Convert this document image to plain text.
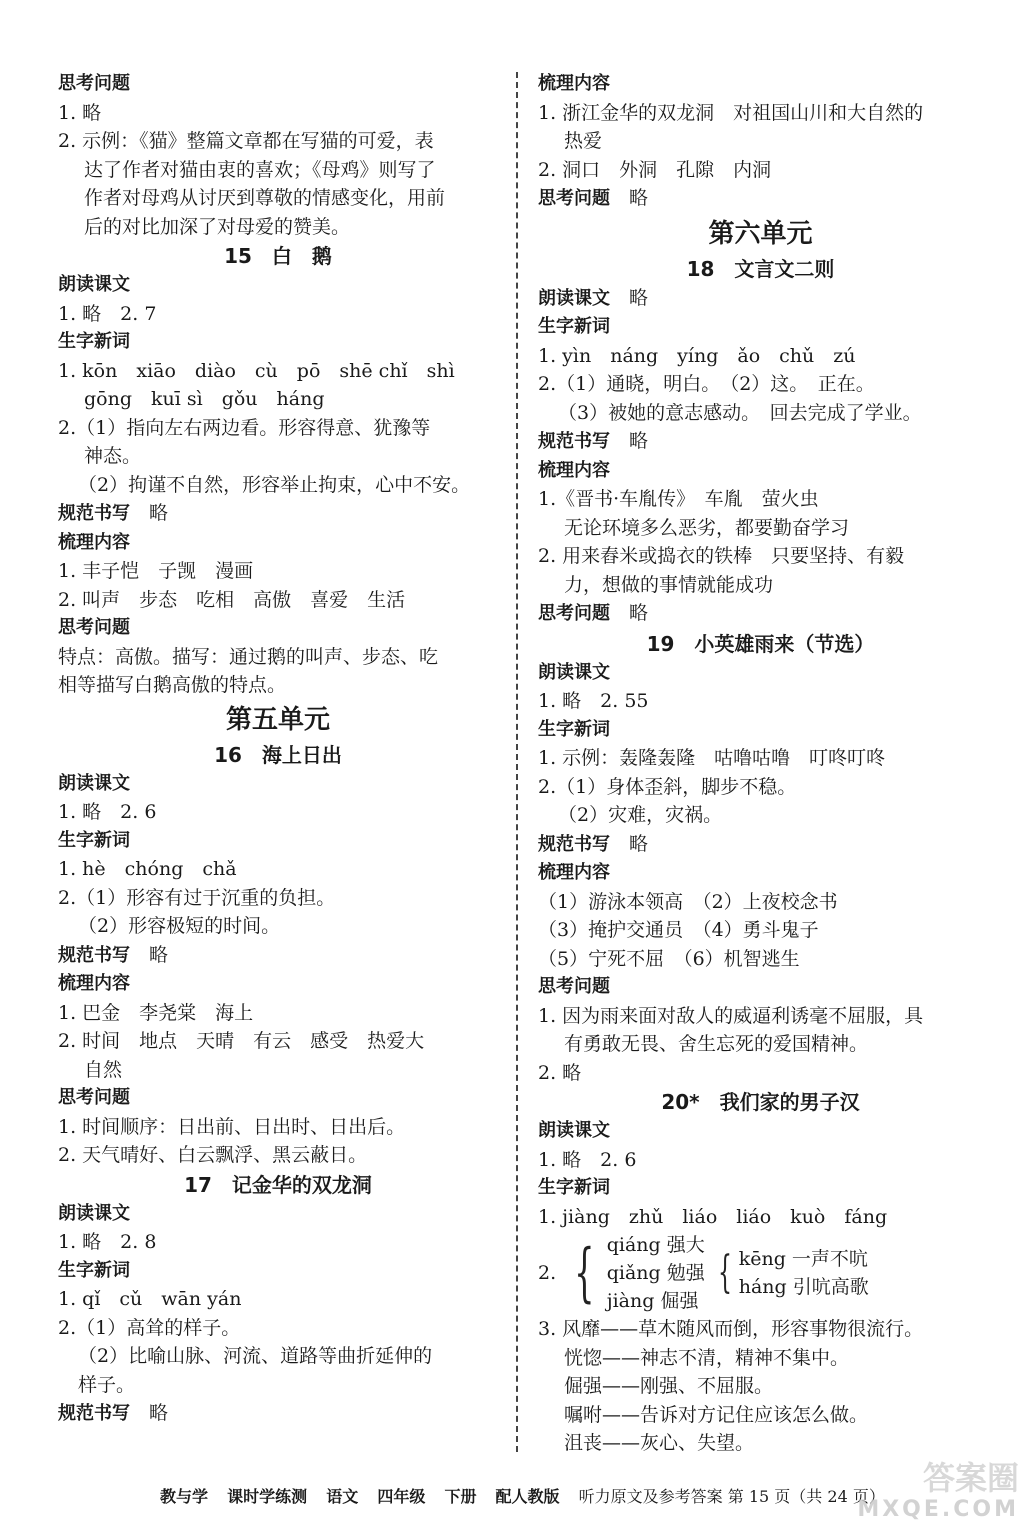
思考问题
1. 略
2. 示例：《猫》整篇文章都在写猫的可爱，表
达了作者对猫由衷的喜欢；《母鸡》则写了
作者对母鸡从讨厌到尊敬的情感变化，用前
后的对比加深了对母爱的赞美。
15　白　鹅
朗读课文
1. 略　2. 7
生字新词
1. kōn　xiāo　diào　cù　pō　shē chǐ　shì
gōng　kuī sì　gǒu　háng
2.（1）指向左右两边看。形容得意、犹豫等
神态。
（2）拘谨不自然，形容举止拘束，心中不安。
规范书写　 略
梳理内容
1. 丰子恺　子觊　漫画
2. 叫声　步态　吃相　高傲　喜爱　生活
思考问题
特点：高傲。描写：通过鹅的叫声、步态、吃
相等描写白鹅高傲的特点。
第五单元
16　海上日出
朗读课文
1. 略　2. 6
生字新词
1. hè　chóng　chǎ
2.（1）形容有过于沉重的负担。
（2）形容极短的时间。
规范书写　 略
梳理内容
1. 巴金　李尧棠　海上
2. 时间　地点　天晴　有云　感受　热爱大
自然
思考问题
1. 时间顺序：日出前、日出时、日出后。
2. 天气晴好、白云飘浮、黑云蔽日。
17　记金华的双龙洞
朗读课文
1. 略　2. 8
生字新词
1. qǐ　cǔ　wān yán
2.（1）高耸的样子。
（2）比喻山脉、河流、道路等曲折延伸的
样子。
规范书写　 略
梳理内容
1. 浙江金华的双龙洞　对祖国山川和大自然的
热爱
2. 洞口　外洞　孔隙　内洞
思考问题　 略
第六单元
18　文言文二则
朗读课文　 略
生字新词
1. yìn　náng　yíng　ǎo　chǔ　zú
2.（1）通晓，明白。　（2）这。　正在。
（3）被她的意志感动。　回去完成了学业。
规范书写　 略
梳理内容
1.《晋书·车胤传》　车胤　萤火虫
无论环境多么恶劣，都要勤奋学习
2. 用来舂米或捣衣的铁棒　只要坚持、有毅
力，想做的事情就能成功
思考问题　 略
19　小英雄雨来（节选）
朗读课文
1. 略　2. 55
生字新词
1. 示例：轰隆轰隆　咕噜咕噜　叮咚叮咚
2.（1）身体歪斜，脚步不稳。
（2）灾难，灾祸。
规范书写　 略
梳理内容
（1）游泳本领高　（2）上夜校念书
（3）掩护交通员　（4）勇斗鬼子
（5）宁死不屈　（6）机智逃生
思考问题
1. 因为雨来面对敌人的威逼利诱毫不屈服，具
有勇敢无畏、舍生忘死的爱国精神。
2. 略
20*　我们家的男子汉
朗读课文
1. 略　2. 6
生字新词
1. jiàng　zhǔ　liáo　liáo　kuò　fáng
2. { qiáng 强大
qiǎng 勉强
jiàng 倔强
{ kēng 一声不吭
háng 引吭高歌
3. 风靡——草木随风而倒，形容事物很流行。
恍惚——神志不清，精神不集中。
倔强——刚强、不屈服。
嘱咐——告诉对方记住应该怎么做。
沮丧——灰心、失望。
教与学 课时学练测 语文 四年级 下册 配人教版 听力原文及参考答案 第 15 页（共 24 页）	答案圈
MXQE.COM
